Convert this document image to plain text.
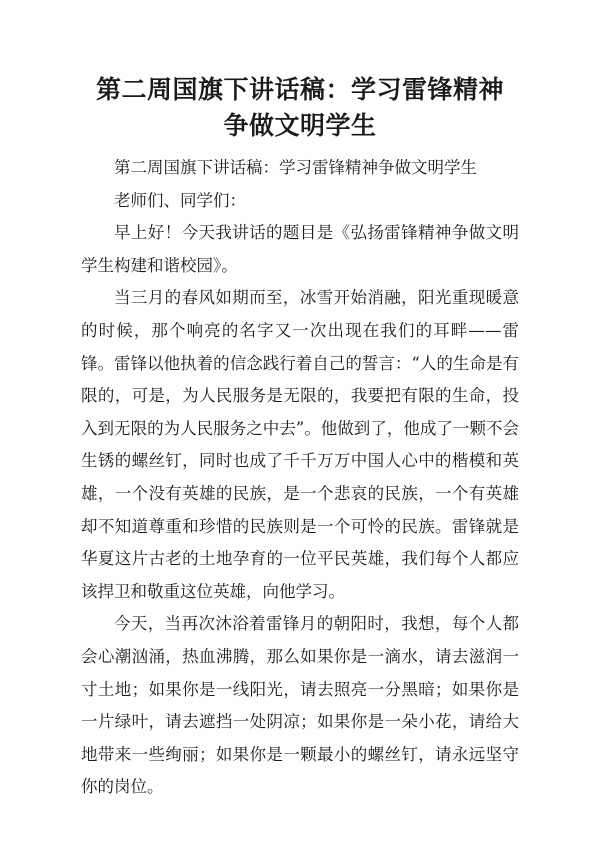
第二周国旗下讲话稿：学习雷锋精神 争做文明学生

第二周国旗下讲话稿：学习雷锋精神争做文明学生

老师们、同学们：

早上好！今天我讲话的题目是《弘扬雷锋精神争做文明学生构建和谐校园》。

当三月的春风如期而至，冰雪开始消融，阳光重现暖意的时候，那个响亮的名字又一次出现在我们的耳畔——雷锋。雷锋以他执着的信念践行着自己的誓言：“人的生命是有限的，可是，为人民服务是无限的，我要把有限的生命，投入到无限的为人民服务之中去”。他做到了，他成了一颗不会生锈的螺丝钉，同时也成了千千万万中国人心中的楷模和英雄，一个没有英雄的民族，是一个悲哀的民族，一个有英雄却不知道尊重和珍惜的民族则是一个可怜的民族。雷锋就是华夏这片古老的土地孕育的一位平民英雄，我们每个人都应该捍卫和敬重这位英雄，向他学习。

今天，当再次沐浴着雷锋月的朝阳时，我想，每个人都会心潮汹涌，热血沸腾，那么如果你是一滴水，请去滋润一寸土地；如果你是一线阳光，请去照亮一分黑暗；如果你是一片绿叶，请去遮挡一处阴凉；如果你是一朵小花，请给大地带来一些绚丽；如果你是一颗最小的螺丝钉，请永远坚守你的岗位。
